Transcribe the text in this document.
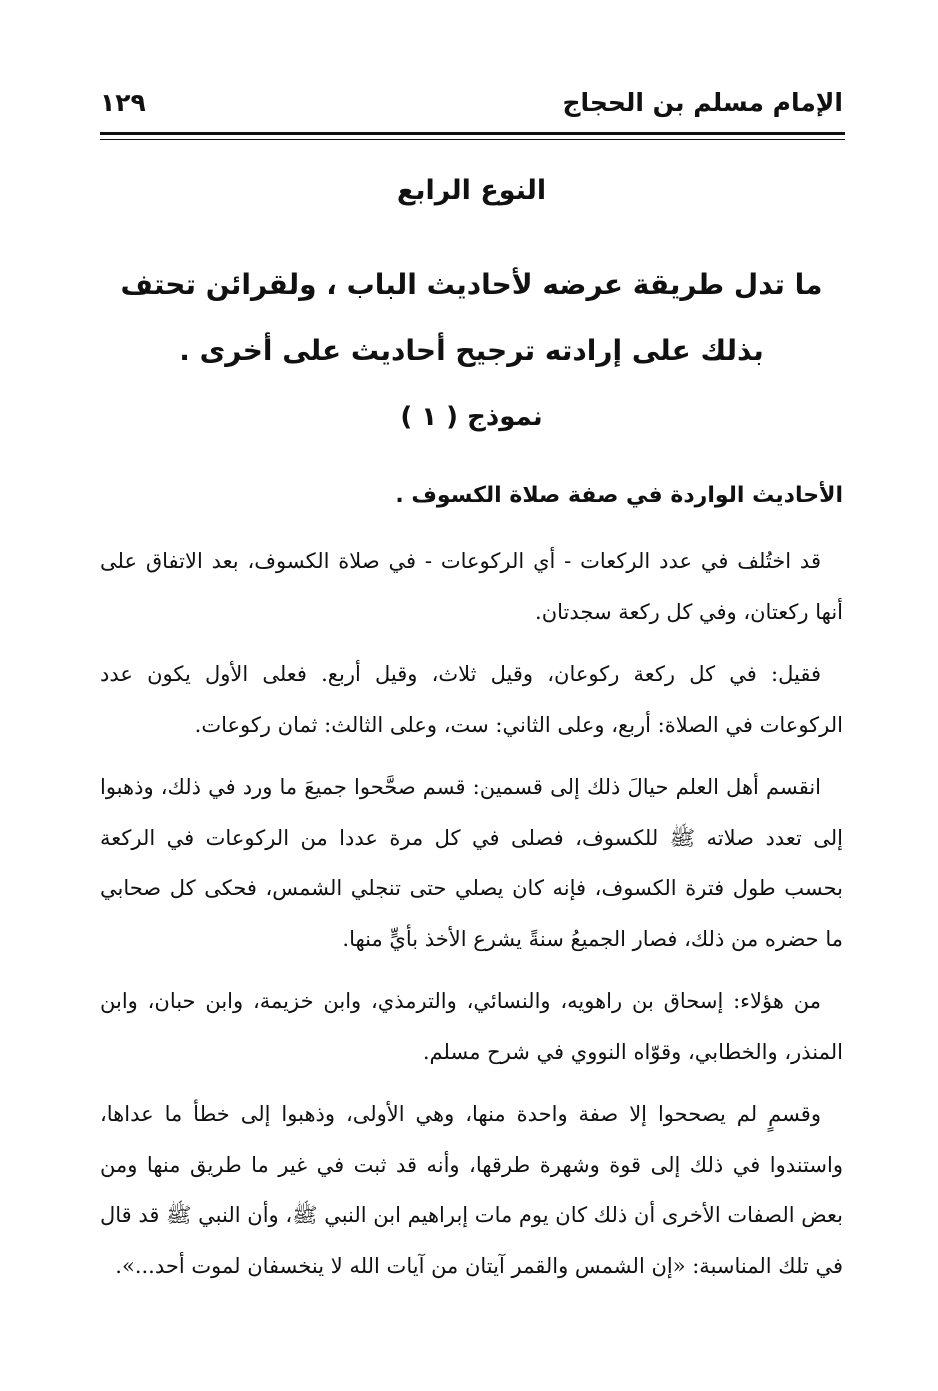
الإمام مسلم بن الحجاج
١٢٩
النوع الرابع
ما تدل طريقة عرضه لأحاديث الباب ، ولقرائن تحتف بذلك على إرادته ترجيح أحاديث على أخرى .
نموذج ( ١ )
الأحاديث الواردة في صفة صلاة الكسوف .

قد اختُلف في عدد الركعات - أي الركوعات - في صلاة الكسوف، بعد الاتفاق على أنها ركعتان، وفي كل ركعة سجدتان.

فقيل: في كل ركعة ركوعان، وقيل ثلاث، وقيل أربع. فعلى الأول يكون عدد الركوعات في الصلاة: أربع، وعلى الثاني: ست، وعلى الثالث: ثمان ركوعات.

انقسم أهل العلم حيالَ ذلك إلى قسمين: قسم صحَّحوا جميعَ ما ورد في ذلك، وذهبوا إلى تعدد صلاته ﷺ للكسوف، فصلى في كل مرة عددا من الركوعات في الركعة بحسب طول فترة الكسوف، فإنه كان يصلي حتى تنجلي الشمس، فحكى كل صحابي ما حضره من ذلك، فصار الجميعُ سنةً يشرع الأخذ بأيٍّ منها.

من هؤلاء: إسحاق بن راهويه، والنسائي، والترمذي، وابن خزيمة، وابن حبان، وابن المنذر، والخطابي، وقوّاه النووي في شرح مسلم.

وقسمٍ لم يصححوا إلا صفة واحدة منها، وهي الأولى، وذهبوا إلى خطأ ما عداها، واستندوا في ذلك إلى قوة وشهرة طرقها، وأنه قد ثبت في غير ما طريق منها ومن بعض الصفات الأخرى أن ذلك كان يوم مات إبراهيم ابن النبي ﷺ، وأن النبي ﷺ قد قال في تلك المناسبة: «إن الشمس والقمر آيتان من آيات الله لا ينخسفان لموت أحد...».
